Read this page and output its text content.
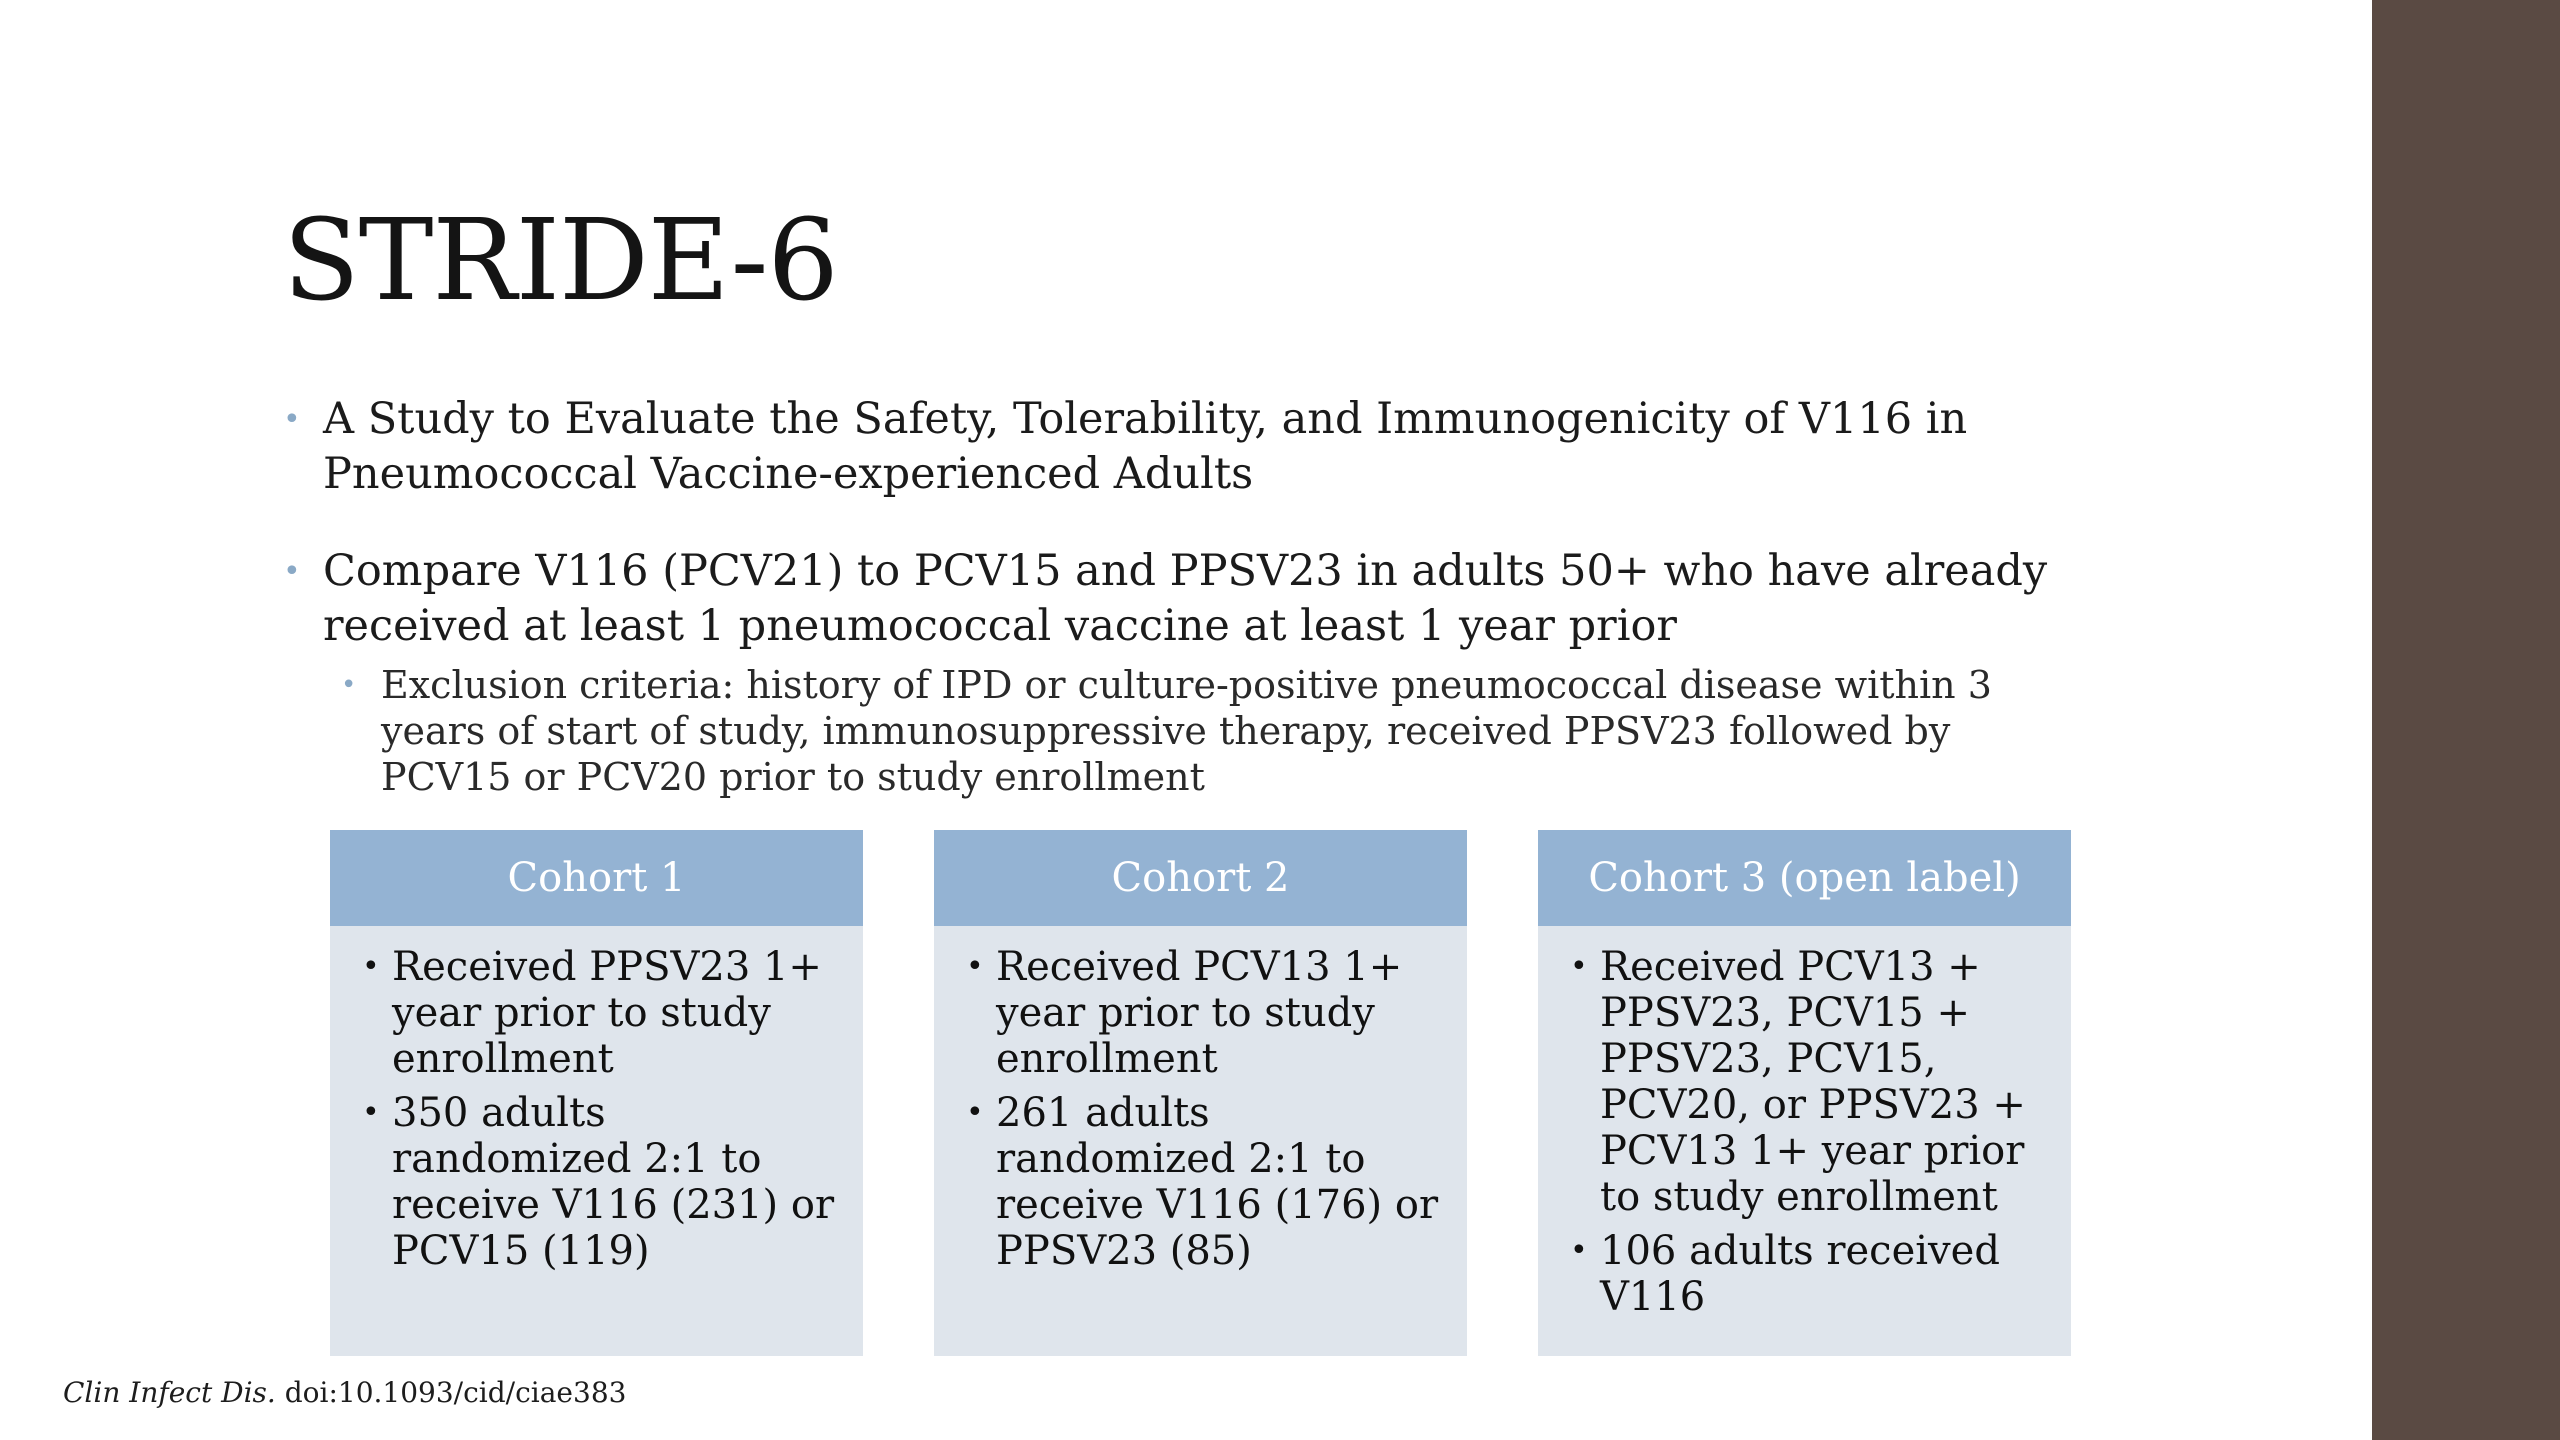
STRIDE-6
• A Study to Evaluate the Safety, Tolerability, and Immunogenicity of V116 in Pneumococcal Vaccine-experienced Adults
• Compare V116 (PCV21) to PCV15 and PPSV23 in adults 50+ who have already received at least 1 pneumococcal vaccine at least 1 year prior
• Exclusion criteria: history of IPD or culture-positive pneumococcal disease within 3 years of start of study, immunosuppressive therapy, received PPSV23 followed by PCV15 or PCV20 prior to study enrollment
Cohort 1
• Received PPSV23 1+ year prior to study enrollment
• 350 adults randomized 2:1 to receive V116 (231) or PCV15 (119)
Cohort 2
• Received PCV13 1+ year prior to study enrollment
• 261 adults randomized 2:1 to receive V116 (176) or PPSV23 (85)
Cohort 3 (open label)
• Received PCV13 + PPSV23, PCV15 + PPSV23, PCV15, PCV20, or PPSV23 + PCV13 1+ year prior to study enrollment
• 106 adults received V116
Clin Infect Dis. doi:10.1093/cid/ciae383
